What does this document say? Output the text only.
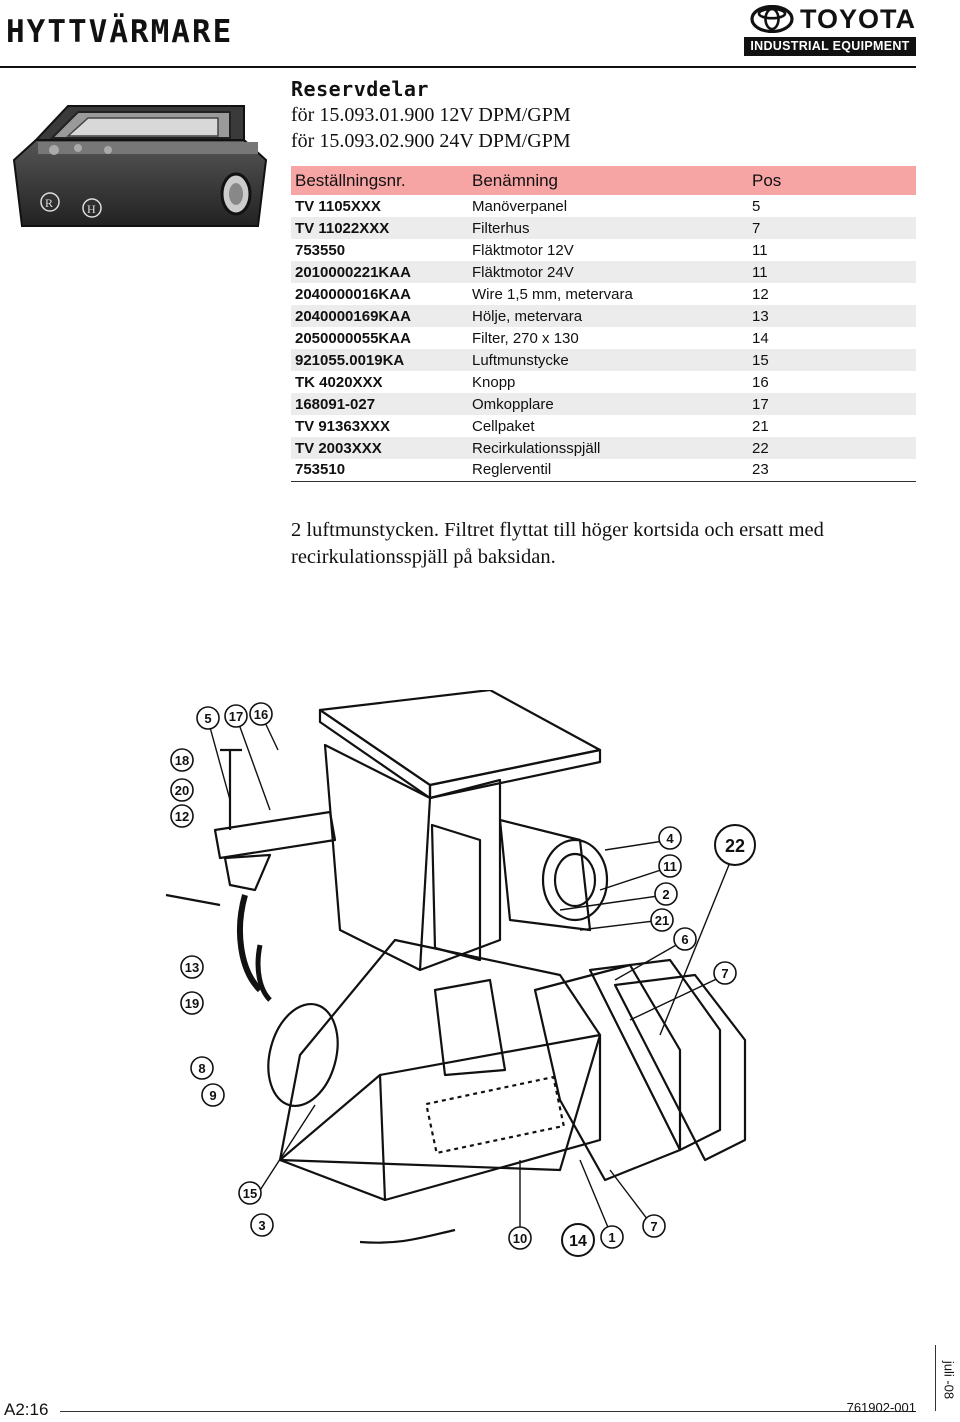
HYTTVÄRMARE	TOYOTA
INDUSTRIAL EQUIPMENT
R	H
Reservdelar
för 15.093.01.900 12V DPM/GPM
för 15.093.02.900 24V DPM/GPM
Beställningsnr.	Benämning	Pos
TV 1105XXX	Manöverpanel	5
TV 11022XXX	Filterhus	7
753550	Fläktmotor 12V	11
2010000221KAA	Fläktmotor 24V	11
2040000016KAA	Wire 1,5 mm, metervara	12
2040000169KAA	Hölje, metervara	13
2050000055KAA	Filter, 270 x 130	14
921055.0019KA	Luftmunstycke	15
TK 4020XXX	Knopp	16
168091-027	Omkopplare	17
TV 91363XXX	Cellpaket	21
TV 2003XXX	Recirkulationsspjäll	22
753510	Reglerventil	23
2 luftmunstycken. Filtret flyttat till höger kortsida och ersatt med recirkulationsspjäll på baksidan.
5 17 16
18
20
12
4
11
2
21
22
6
7
13
19
8
9
15
3
10	14 1
7
A2:16	761902-001
juli -08
